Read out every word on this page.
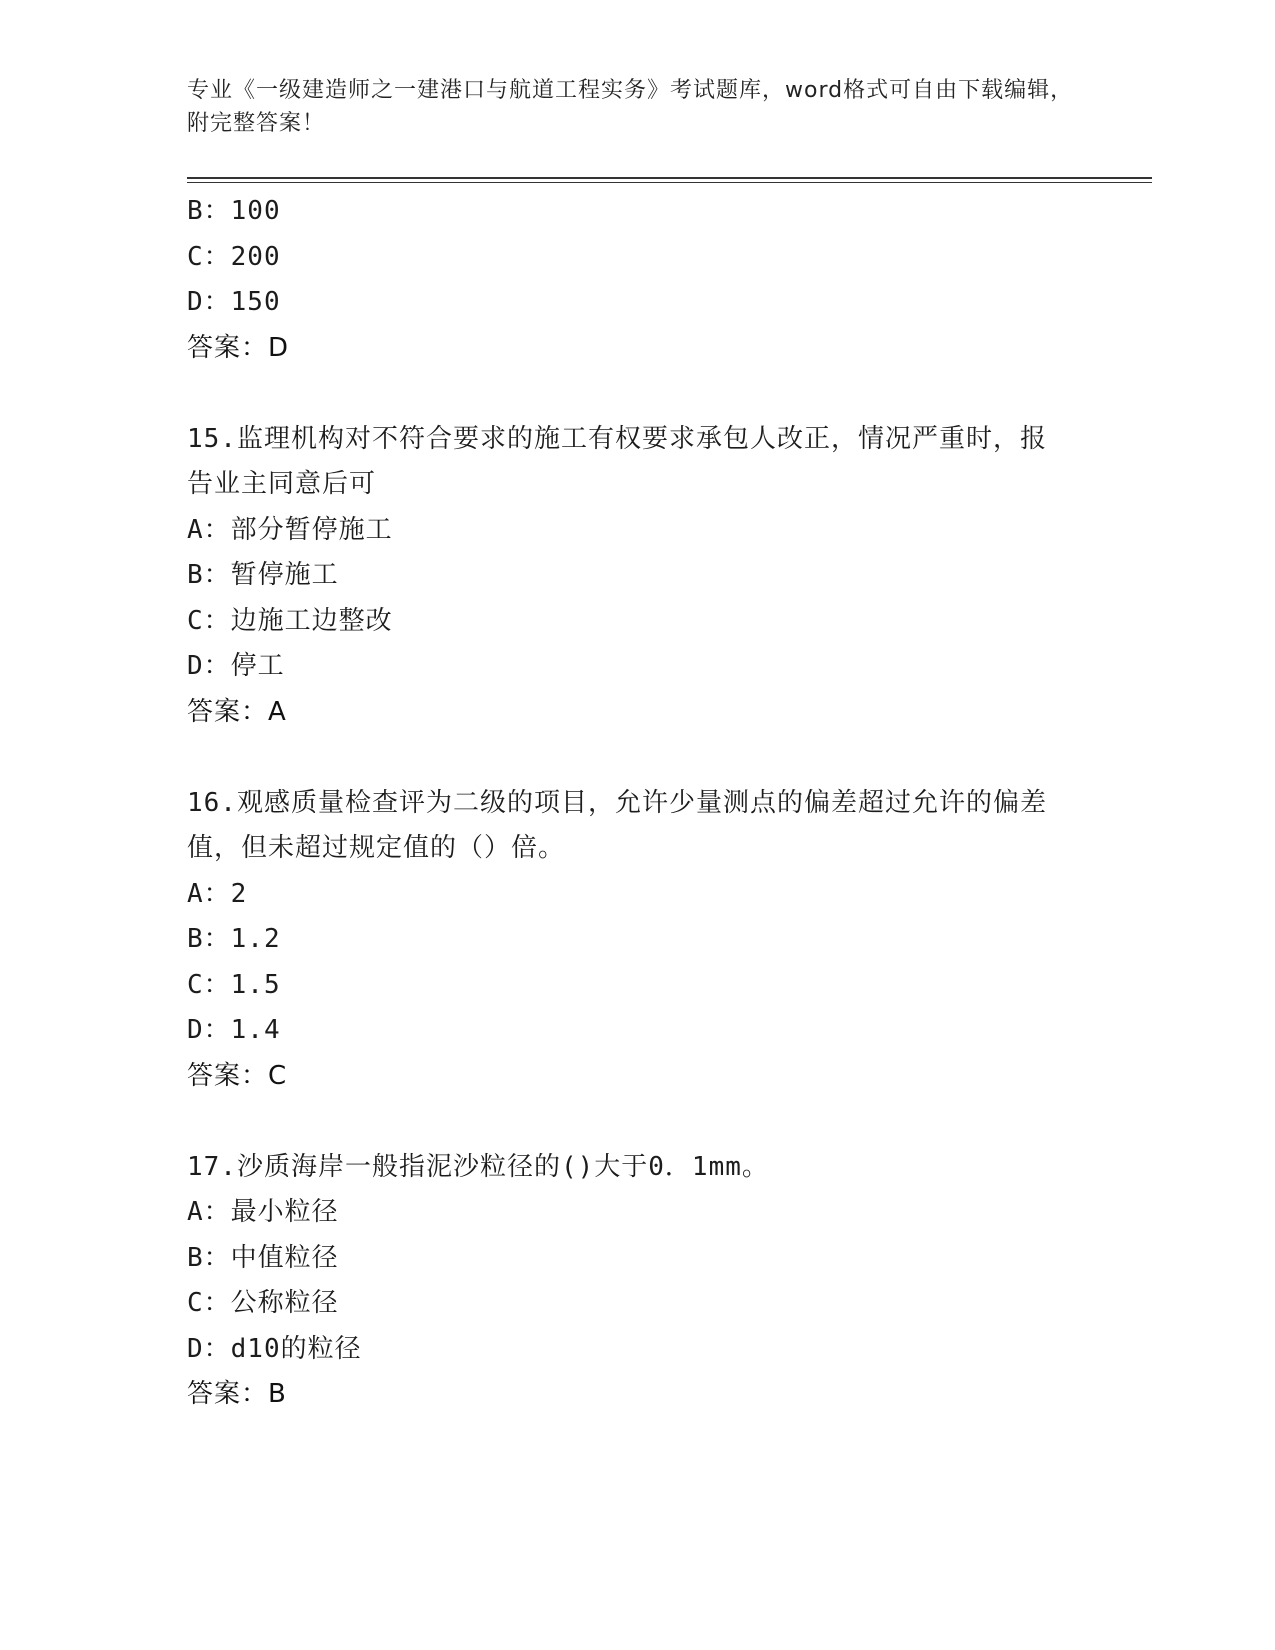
专业《一级建造师之一建港口与航道工程实务》考试题库，word格式可自由下载编辑，附完整答案！
B：100
C：200
D：150
答案：D
15.监理机构对不符合要求的施工有权要求承包人改正，情况严重时，报告业主同意后可
A：部分暂停施工
B：暂停施工
C：边施工边整改
D：停工
答案：A
16.观感质量检查评为二级的项目，允许少量测点的偏差超过允许的偏差值，但未超过规定值的（）倍。
A：2
B：1.2
C：1.5
D：1.4
答案：C
17.沙质海岸一般指泥沙粒径的()大于0．1mm。
A：最小粒径
B：中值粒径
C：公称粒径
D：d10的粒径
答案：B
